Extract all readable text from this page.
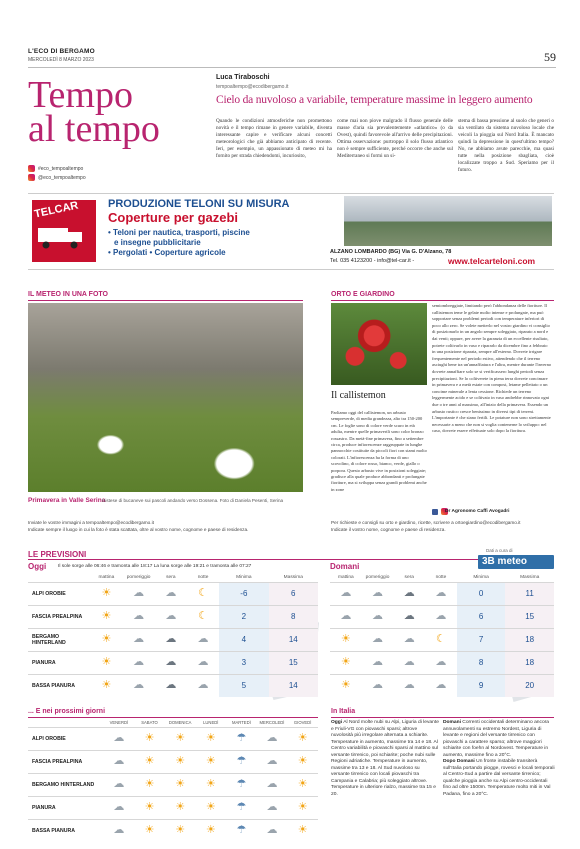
L'ECO DI BERGAMO
MERCOLEDÌ 8 MARZO 2023	59
Tempo
al tempo
Luca Tiraboschi
tempoaltempo@ecodibergamo.it
Cielo da nuvoloso a variabile, temperature massime in leggero aumento
Quando le condizioni atmosferiche non promettono novità e il tempo rimane in genere variabile, diventa interessante capire e verificare alcuni concetti meteorologici che già abbiamo anticipato di recente. Ieri, per esempio, un appassionato di meteo mi ha fornito per strada chiedendomi, incuriosito,
come mai non piove malgrado il flusso generale delle masse d'aria sia prevalentemente «atlantico» (o da Ovest), quindi favorevole all'arrivo delle precipitazioni. Ottima osservazione: purtroppo il solo flusso atlantico non è sempre sufficiente, perché occorre che anche sul Mediterraneo si formi un si-
stema di bassa pressione al suolo che generi o sia ventilato da sistema nuvoloso locale che veicoli la pioggia sul Nord Italia. È mancato quindi la depressione in quest'ultimo tempo? No, ne abbiamo avute parecchie, ma quasi tutte nella posizione sbagliata, cioè localizzate troppo a Sud. Speriamo per il futuro.
#eco_tempoaltempo
@eco_tempoaltempo
TELCAR	PRODUZIONE TELONI SU MISURA
Coperture per gazebi
• Teloni per nautica, trasporti, piscine
e insegne pubblicitarie
• Pergolati • Coperture agricole	ALZANO LOMBARDO (BG) Via G. D'Alzano, 78
Tel. 035 4123200 - info@tel-car.it -	www.telcarteloni.com
IL METEO IN UNA FOTO
Primavera in Valle Serina
Distese di bucaneve sui pascoli andando verso Dossena. Foto di Daniela Pesenti, Serina
Inviate le vostre immagini a tempoaltempo@ecodibergamo.it
Indicate sempre il luogo in cui la foto è stata scattata, oltre al vostro nome, cognome e paese di residenza.
ORTO E GIARDINO
Il callistemon
Parliamo oggi del callistemon, un arbusto sempreverde, di media grandezza, alto tra 150-200 cm. Le foglie sono di colore verde scuro in età adulta, mentre quelle primaverili sono color bronzo rossastro. Da metà-fine primavera, fino a settembre circa, produce infiorescenze raggruppate in lunghe pannocchie costituite da piccoli fiori con stami molto colorati. L'infiorescenza ha la forma di uno scovolino, di colore rosso, bianco, verde, giallo o porpora. Questo arbusto vive in posizioni soleggiate; gradisce alla quale produce abbondanti e prolungate fioriture, ma si sviluppa senza grandi problemi anche in zone
semiombreggiate, limitando però l'abbondanza delle fioriture. Il callistemon teme le gelate molto intense e prolungate, ma può sopportare senza problemi periodi con temperature inferiori di poco allo zero. Se volete metterlo nel vostro giardino vi consiglio di posizionarlo in un angolo sempre soleggiato, riparato a nord e dai venti; oppure, per avere la garanzia di un eccellente risultato, potrete coltivarlo in vaso e ripararlo da dicembre fino a febbraio in una posizione riparata, sempre all'esterno. Dovrete irrigare frequentemente nel periodo estivo, attendendo che il terreno asciughi bene tra un'annaffiatura e l'altra, mentre durante l'inverno dovrete annaffiare solo se si verificassero lunghi periodi senza precipitazioni. Se lo coltiverete in piena terra dovrete concimare in primavera e a metà estate con compost, letame pellettato o un concime minerale a lenta cessione. Richiede un terreno leggermente acido e se coltivato in vaso andrebbe rinnovato ogni due o tre anni al massimo, all'inizio della primavera. Essendo un arbusto rustico cresce benissimo in diversi tipi di terreni. L'importante è che siano fertili. Le potature non sono strettamente necessarie a meno che non si voglia contenerne lo sviluppo: nel caso, dovrete essere effettuate solo dopo la fioritura.
Dr Agronomo Caffi Avogadri
Per richieste e consigli su orto e giardino, ricette, scrivere a ortoegiardino@ecodibergamo.it
Indicate il vostro nome, cognome e paese di residenza.
LE PREVISIONI
Oggi Il sole sorge alle 06:46 e tramonta alle 18:17 La luna sorge alle 19:21 e tramonta alle 07:27	Domani
Dati a cura di
3B meteo
	mattina	pomeriggio	sera	notte	Minima	Massima
ALPI OROBIE	☀	☁	☁	☾	-6	6
FASCIA PREALPINA	☀	☁	☁	☾	2	8
BERGAMO HINTERLAND	☀	☁	☁	☁	4	14
PIANURA	☀	☁	☁	☁	3	15
BASSA PIANURA	☀	☁	☁	☁	5	14
mattina	pomeriggio	sera	notte	Minima	Massima
☁	☁	☁	☁	0	11
☁	☁	☁	☁	6	15
☀	☁	☁	☾	7	18
☀	☁	☁	☁	8	18
☀	☁	☁	☁	9	20
... E nei prossimi giorni
	VENERDÌ	SABATO	DOMENICA	LUNEDÌ	MARTEDÌ	MERCOLEDÌ	GIOVEDÌ
ALPI OROBIE	☁	☀	☀	☀	☂	☁	☀
FASCIA PREALPINA	☁	☀	☀	☀	☂	☁	☀
BERGAMO HINTERLAND	☁	☀	☀	☀	☂	☁	☀
PIANURA	☁	☀	☀	☀	☂	☁	☀
BASSA PIANURA	☁	☀	☀	☀	☂	☁	☀
In Italia
Oggi Al Nord molte nubi su Alpi, Liguria di levante e Friuli-VG con piovaschi sparsi; altrove nuvolosità più irregolare alternata a schiarite. Temperature in aumento, massime tra 14 e 18. Al Centro variabilità e piovaschi sparsi al mattino sul versante tirrenico, poi schiarite; poche nubi sulle Regioni adriatiche. Temperature in aumento, massime tra 13 e 18. Al Sud nuvoloso su versante tirrenico con locali piovaschi tra Campania e Calabria; più soleggiato altrove. Temperature in ulteriore rialzo, massime tra 15 e 20.
Domani Correnti occidentali determinano ancora annuvolamenti su estremo Nordest, Liguria di levante e regioni del versante tirrenico con piovaschi a carattere sparso; altrove maggiori schiarite con foehn al Nordovest. Temperature in aumento, massime fino a 20°C.
Dopo Domani Un fronte instabile transiterà sull'Italia portando piogge, rovesci e locali temporali al Centro-Sud a partire dal versante tirrenico; qualche pioggia anche su Alpi centro-occidentali fino ad oltre 1500m. Temperature molto miti in Val Padana, fino a 20°C.
